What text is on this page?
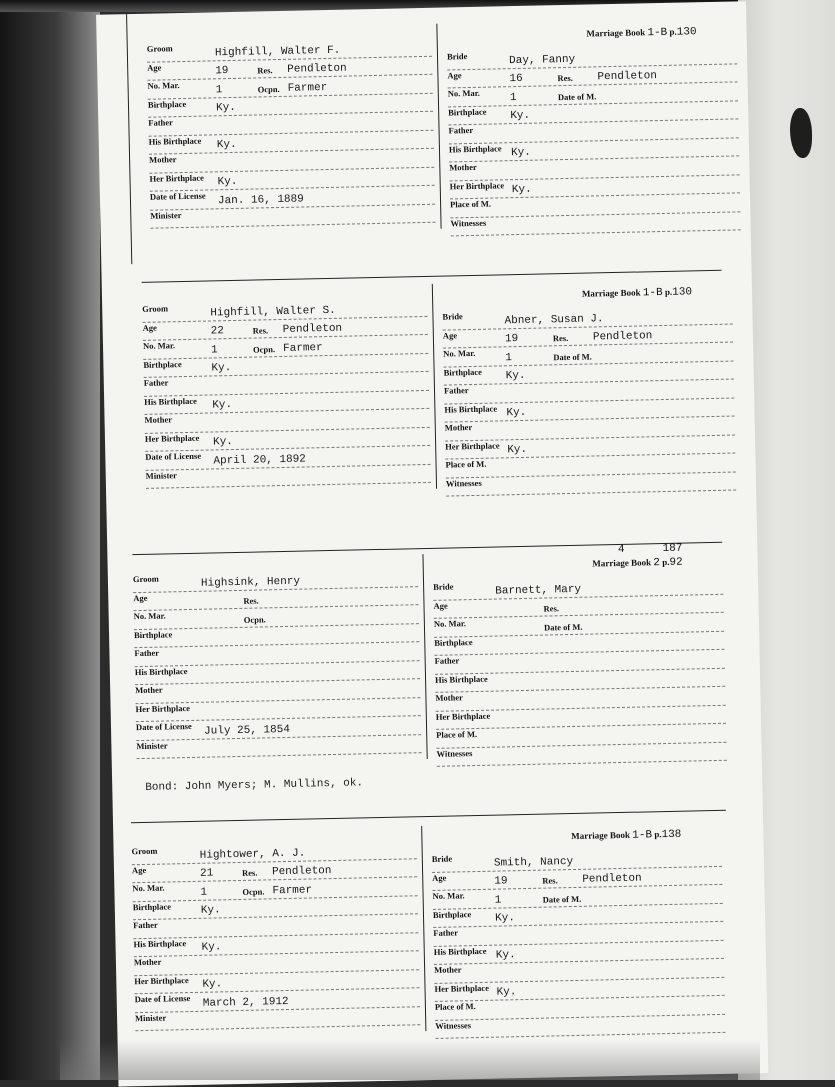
Groom	Highfill, Walter F.
Age	19	Res. Pendleton
No. Mar.	1	Ocpn. Farmer
Birthplace	Ky.
Father
His Birthplace Ky.
Mother
Her Birthplace Ky.
Date of License Jan. 16, 1889
Minister
Marriage Book 1-B p.130
Bride	Day, Fanny
Age	16	Res. Pendleton
No. Mar.	1	Date of M.
Birthplace Ky.
Father
His Birthplace Ky.
Mother
Her Birthplace Ky.
Place of M.
Witnesses
Groom	Highfill, Walter S.
Age	22	Res. Pendleton
No. Mar.	1	Ocpn. Farmer
Birthplace	Ky.
Father
His Birthplace Ky.
Mother
Her Birthplace Ky.
Date of License April 20, 1892
Minister
Marriage Book 1-B p.130
Bride	Abner, Susan J.
Age	19	Res. Pendleton
No. Mar.	1	Date of M.
Birthplace Ky.
Father
His Birthplace Ky.
Mother
Her Birthplace Ky.
Place of M.
Witnesses
Groom	Highsink, Henry
Age	Res.
No. Mar.	Ocpn.
Birthplace
Father
His Birthplace
Mother
Her Birthplace
Date of License July 25, 1854
Minister
Marriage Book 2 p.92
4	187
Bride	Barnett, Mary
Age	Res.
No. Mar.	Date of M.
Birthplace
Father
His Birthplace
Mother
Her Birthplace
Place of M.
Witnesses
Bond: John Myers; M. Mullins, ok.
Groom	Hightower, A. J.
Age	21	Res. Pendleton
No. Mar.	1	Ocpn. Farmer
Birthplace	Ky.
Father
His Birthplace Ky.
Mother
Her Birthplace Ky.
Date of License March 2, 1912
Minister
Marriage Book 1-B p.138
Bride	Smith, Nancy
Age	19	Res. Pendleton
No. Mar.	1	Date of M.
Birthplace Ky.
Father
His Birthplace Ky.
Mother
Her Birthplace Ky.
Place of M.
Witnesses
